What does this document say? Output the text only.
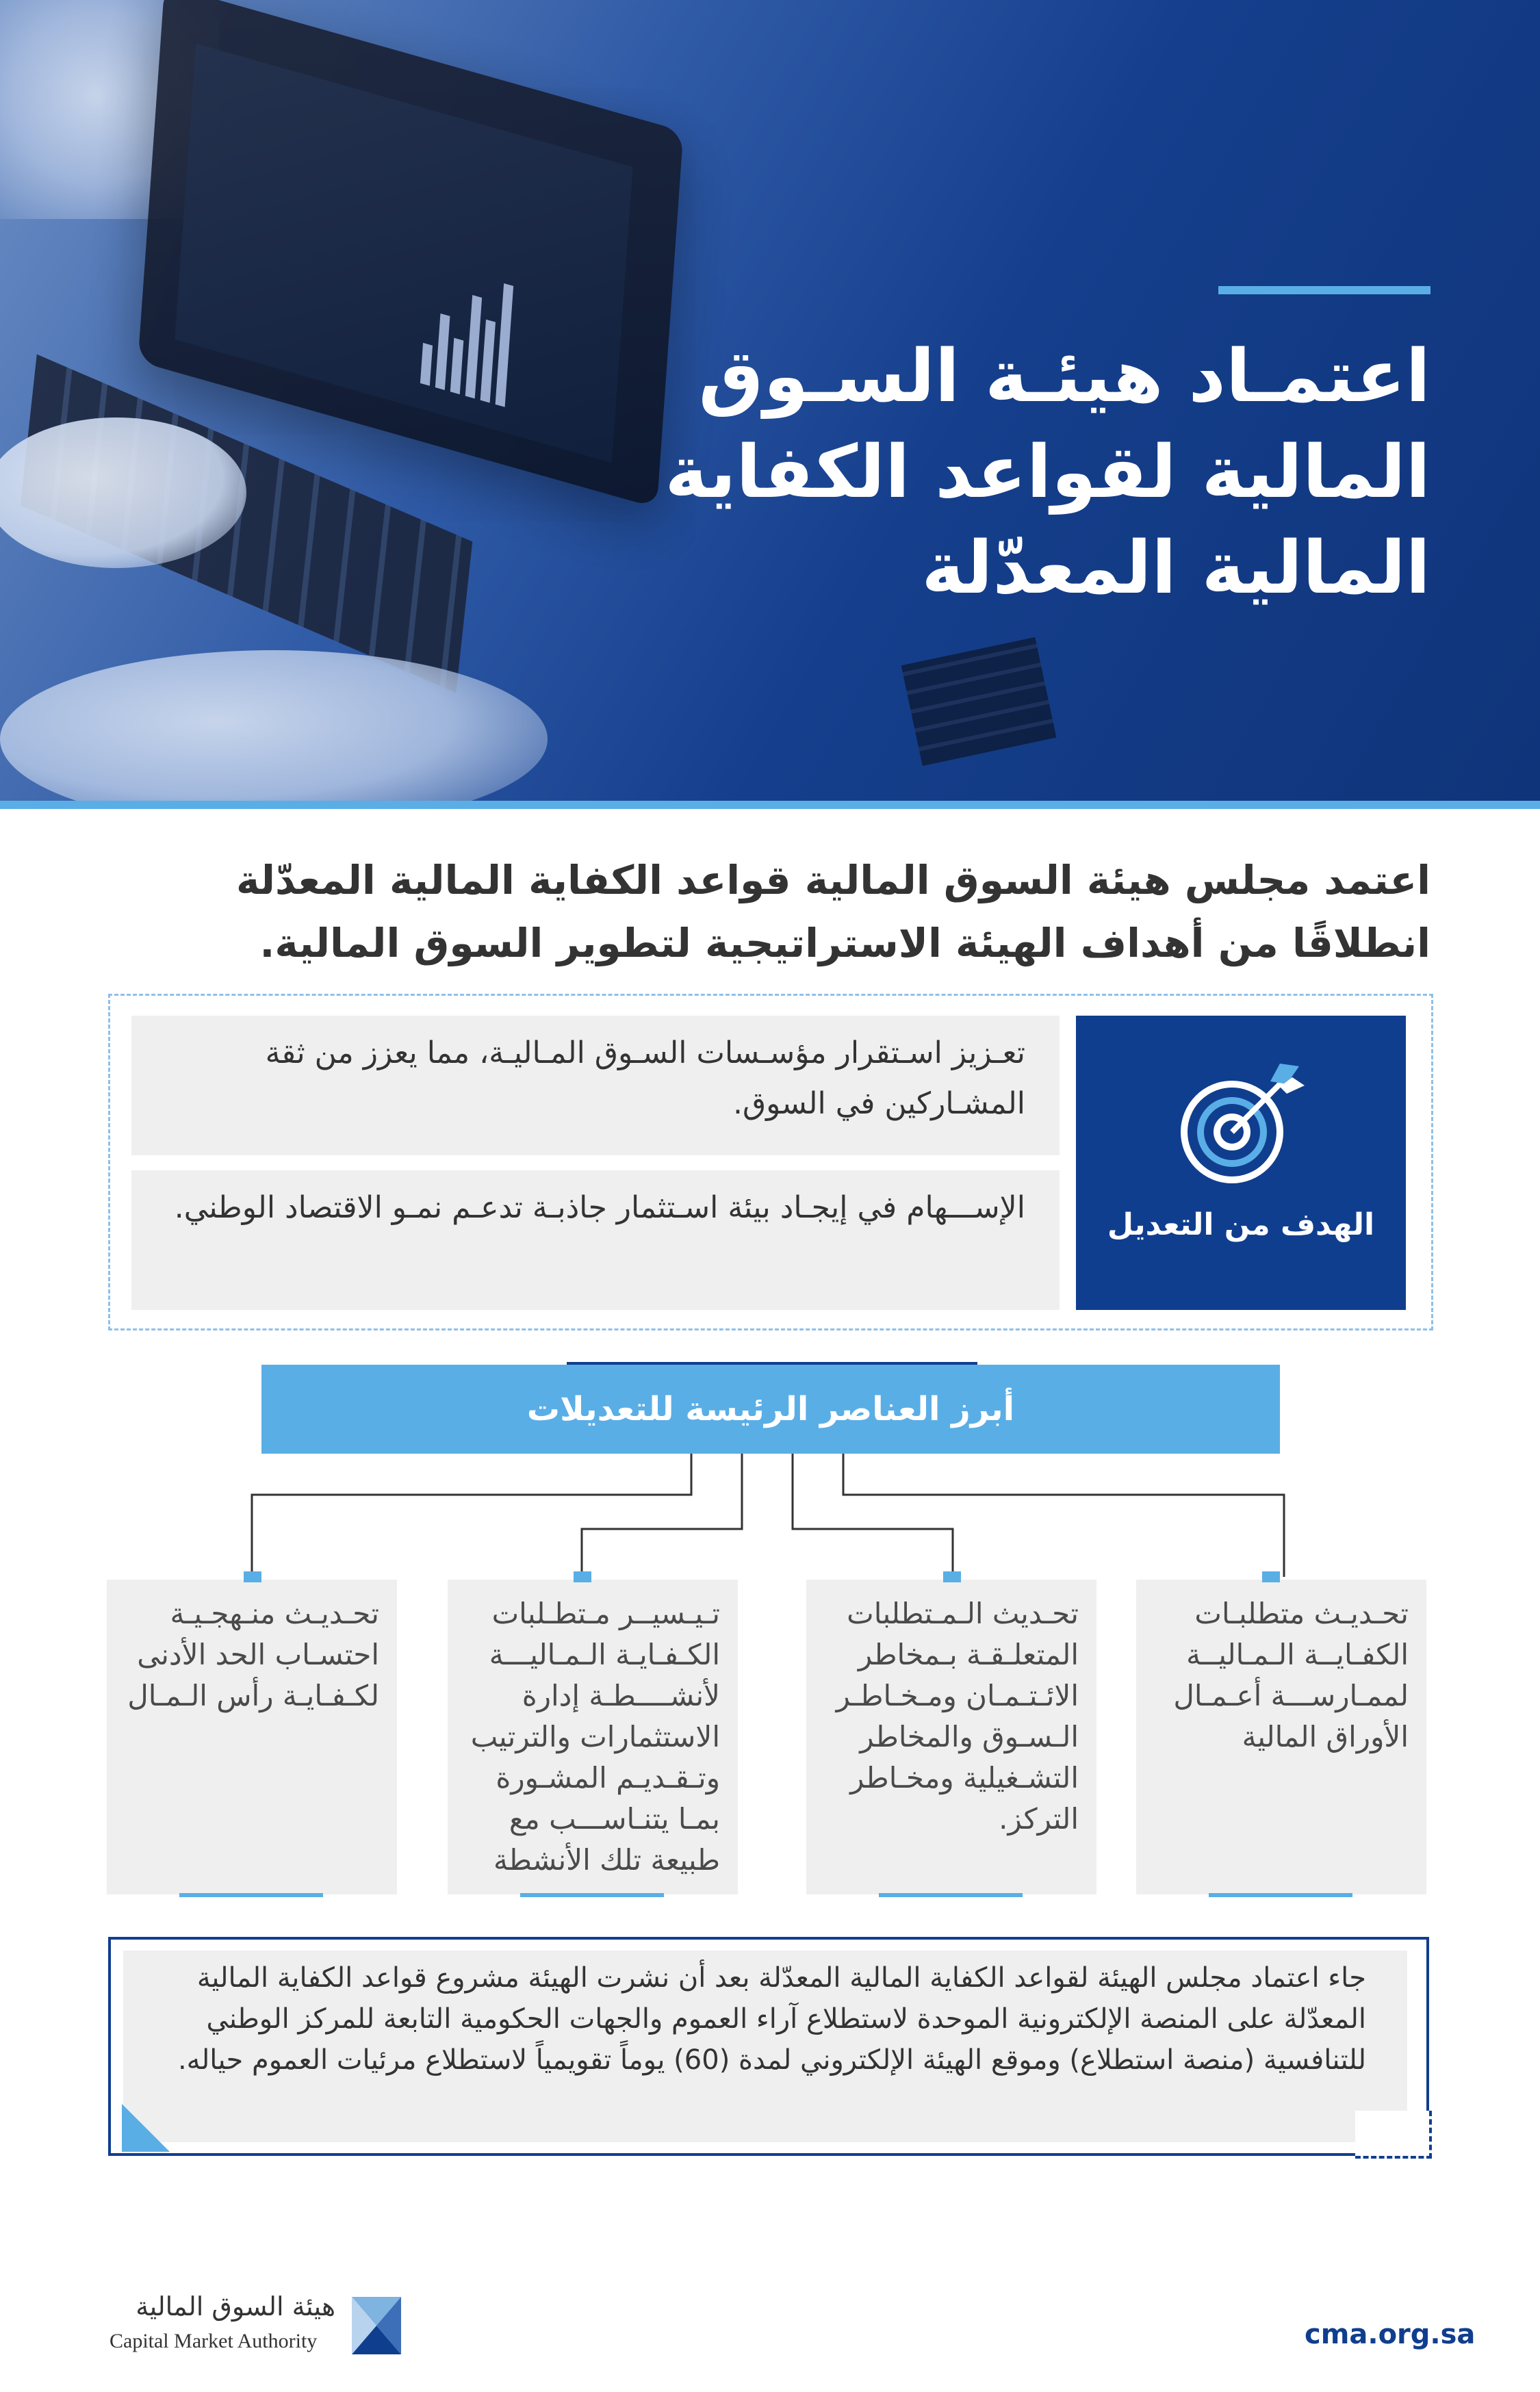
اعتمـاد هيئـة السـوق
المالية لقواعد الكفاية
المالية المعدّلة
اعتمد مجلس هيئة السوق المالية قواعد الكفاية المالية المعدّلة انطلاقًا من أهداف الهيئة الاستراتيجية لتطوير السوق المالية.
الهدف من التعديل
تعـزيز اسـتقرار مؤسـسات السـوق المـاليـة، مما يعزز من ثقة المشـاركين في السوق.
الإســـهام في إيجـاد بيئة اسـتثمار جاذبـة تدعـم نمـو الاقتصاد الوطني.
أبرز العناصر الرئيسة للتعديلات
تحـديـث متطلبـات الكفـايــة الـمـاليــة لممـارســـة أعـمـال الأوراق المالية
تحـديث الـمـتطلبات المتعلـقـة بـمخاطر الائـتـمـان ومـخـاطـر الـسـوق والمخاطر التشـغيلية ومخـاطر التركز.
تـيـسيــر مـتطـلبات الكـفـايـة الـمـاليـــة لأنشــــطـة إدارة الاستثمارات والترتيب وتـقـديـم المشـورة بمـا يتنـاســـب مع طبيعة تلك الأنشطة
تحـديـث منـهجـيـة احتسـاب الحد الأدنى لكـفـايـة رأس الـمـال
جاء اعتماد مجلس الهيئة لقواعد الكفاية المالية المعدّلة بعد أن نشرت الهيئة مشروع قواعد الكفاية المالية المعدّلة على المنصة الإلكترونية الموحدة لاستطلاع آراء العموم والجهات الحكومية التابعة للمركز الوطني للتنافسية (منصة استطلاع) وموقع الهيئة الإلكتروني لمدة (60) يوماً تقويمياً لاستطلاع مرئيات العموم حياله.
هيئة السوق المالية
Capital Market Authority	cma.org.sa
